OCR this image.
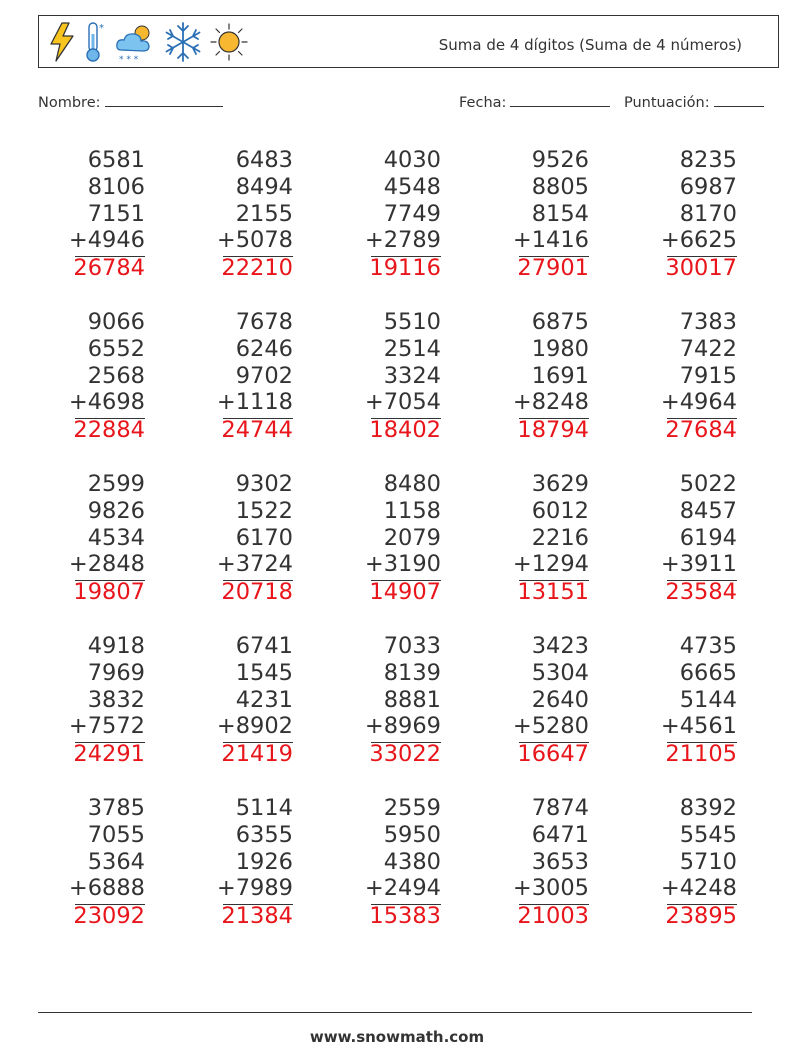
*
* * *
Suma de 4 dígitos (Suma de 4 números)
Nombre:	Fecha:	Puntuación:
6581
8106
7151
+4946
26784
6483
8494
2155
+5078
22210
4030
4548
7749
+2789
19116
9526
8805
8154
+1416
27901
8235
6987
8170
+6625
30017
9066
6552
2568
+4698
22884
7678
6246
9702
+1118
24744
5510
2514
3324
+7054
18402
6875
1980
1691
+8248
18794
7383
7422
7915
+4964
27684
2599
9826
4534
+2848
19807
9302
1522
6170
+3724
20718
8480
1158
2079
+3190
14907
3629
6012
2216
+1294
13151
5022
8457
6194
+3911
23584
4918
7969
3832
+7572
24291
6741
1545
4231
+8902
21419
7033
8139
8881
+8969
33022
3423
5304
2640
+5280
16647
4735
6665
5144
+4561
21105
3785
7055
5364
+6888
23092
5114
6355
1926
+7989
21384
2559
5950
4380
+2494
15383
7874
6471
3653
+3005
21003
8392
5545
5710
+4248
23895
www.snowmath.com
